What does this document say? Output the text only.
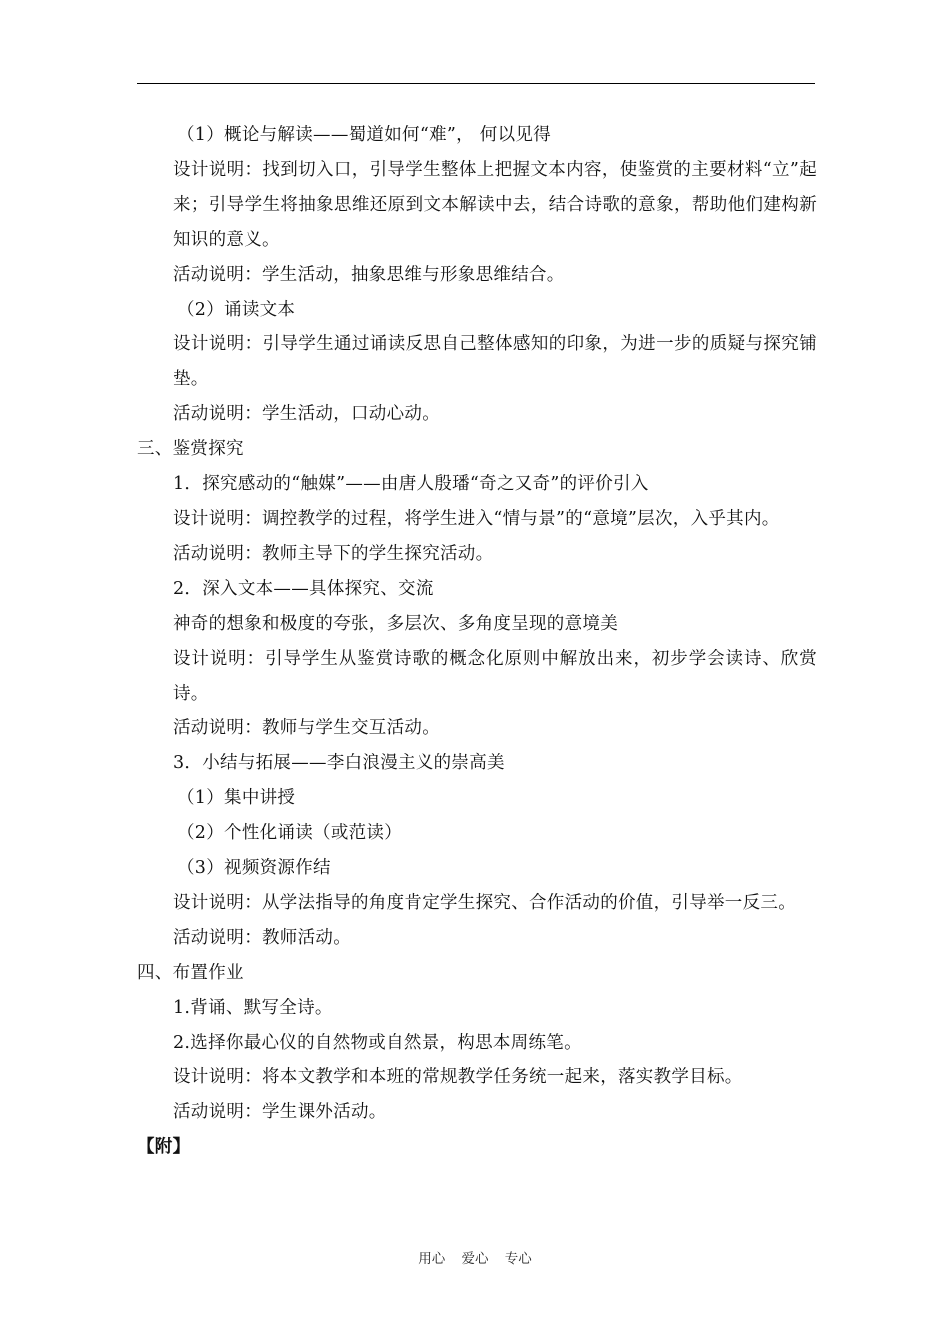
（1）概论与解读——蜀道如何“难”， 何以见得
设计说明：找到切入口，引导学生整体上把握文本内容，使鉴赏的主要材料“立”起来；引导学生将抽象思维还原到文本解读中去，结合诗歌的意象，帮助他们建构新知识的意义。
活动说明：学生活动，抽象思维与形象思维结合。
（2）诵读文本
设计说明：引导学生通过诵读反思自己整体感知的印象，为进一步的质疑与探究铺垫。
活动说明：学生活动，口动心动。
三、鉴赏探究
1．探究感动的“触媒”——由唐人殷璠“奇之又奇”的评价引入
设计说明：调控教学的过程，将学生进入“情与景”的“意境”层次，入乎其内。
活动说明：教师主导下的学生探究活动。
2．深入文本——具体探究、交流
神奇的想象和极度的夸张，多层次、多角度呈现的意境美
设计说明：引导学生从鉴赏诗歌的概念化原则中解放出来，初步学会读诗、欣赏诗。
活动说明：教师与学生交互活动。
3．小结与拓展——李白浪漫主义的崇高美
（1）集中讲授
（2）个性化诵读（或范读）
（3）视频资源作结
设计说明：从学法指导的角度肯定学生探究、合作活动的价值，引导举一反三。
活动说明：教师活动。
四、布置作业
1.背诵、默写全诗。
2.选择你最心仪的自然物或自然景，构思本周练笔。
设计说明：将本文教学和本班的常规教学任务统一起来，落实教学目标。
活动说明：学生课外活动。
【附】
用心 爱心 专心
